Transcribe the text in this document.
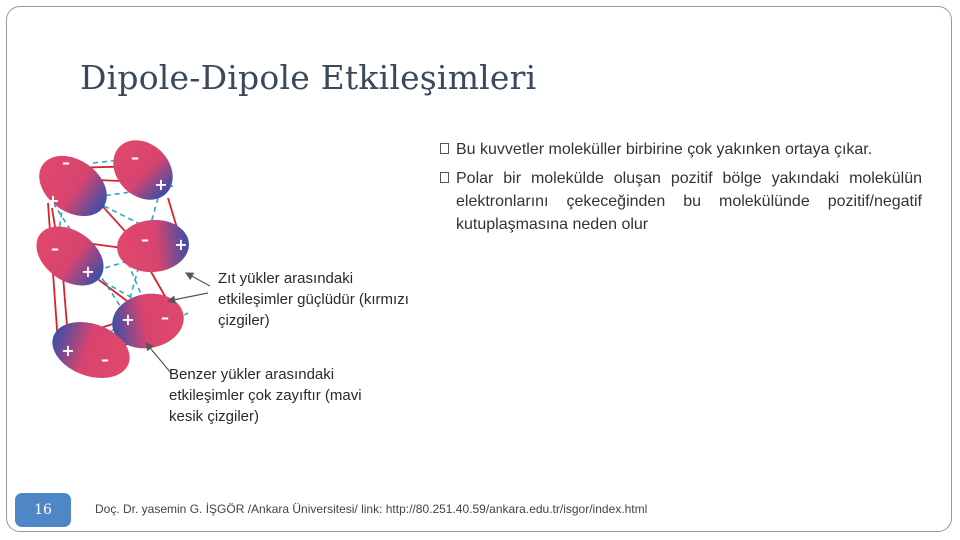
Dipole-Dipole Etkileşimleri
Bu kuvvetler moleküller birbirine çok yakınken ortaya çıkar.
Polar bir molekülde oluşan pozitif bölge yakındaki molekülün elektronlarını çekeceğinden bu molekülünde pozitif/negatif kutuplaşmasına neden olur
–
+
–
+
–
+
– +
+ –
+ –
Zıt yükler arasındaki
etkileşimler güçlüdür (kırmızı
çizgiler)
Benzer yükler arasındaki
etkileşimler çok zayıftır (mavi
kesik çizgiler)
16	Doç. Dr. yasemin G. İŞGÖR /Ankara Üniversitesi/ link: http://80.251.40.59/ankara.edu.tr/isgor/index.html
